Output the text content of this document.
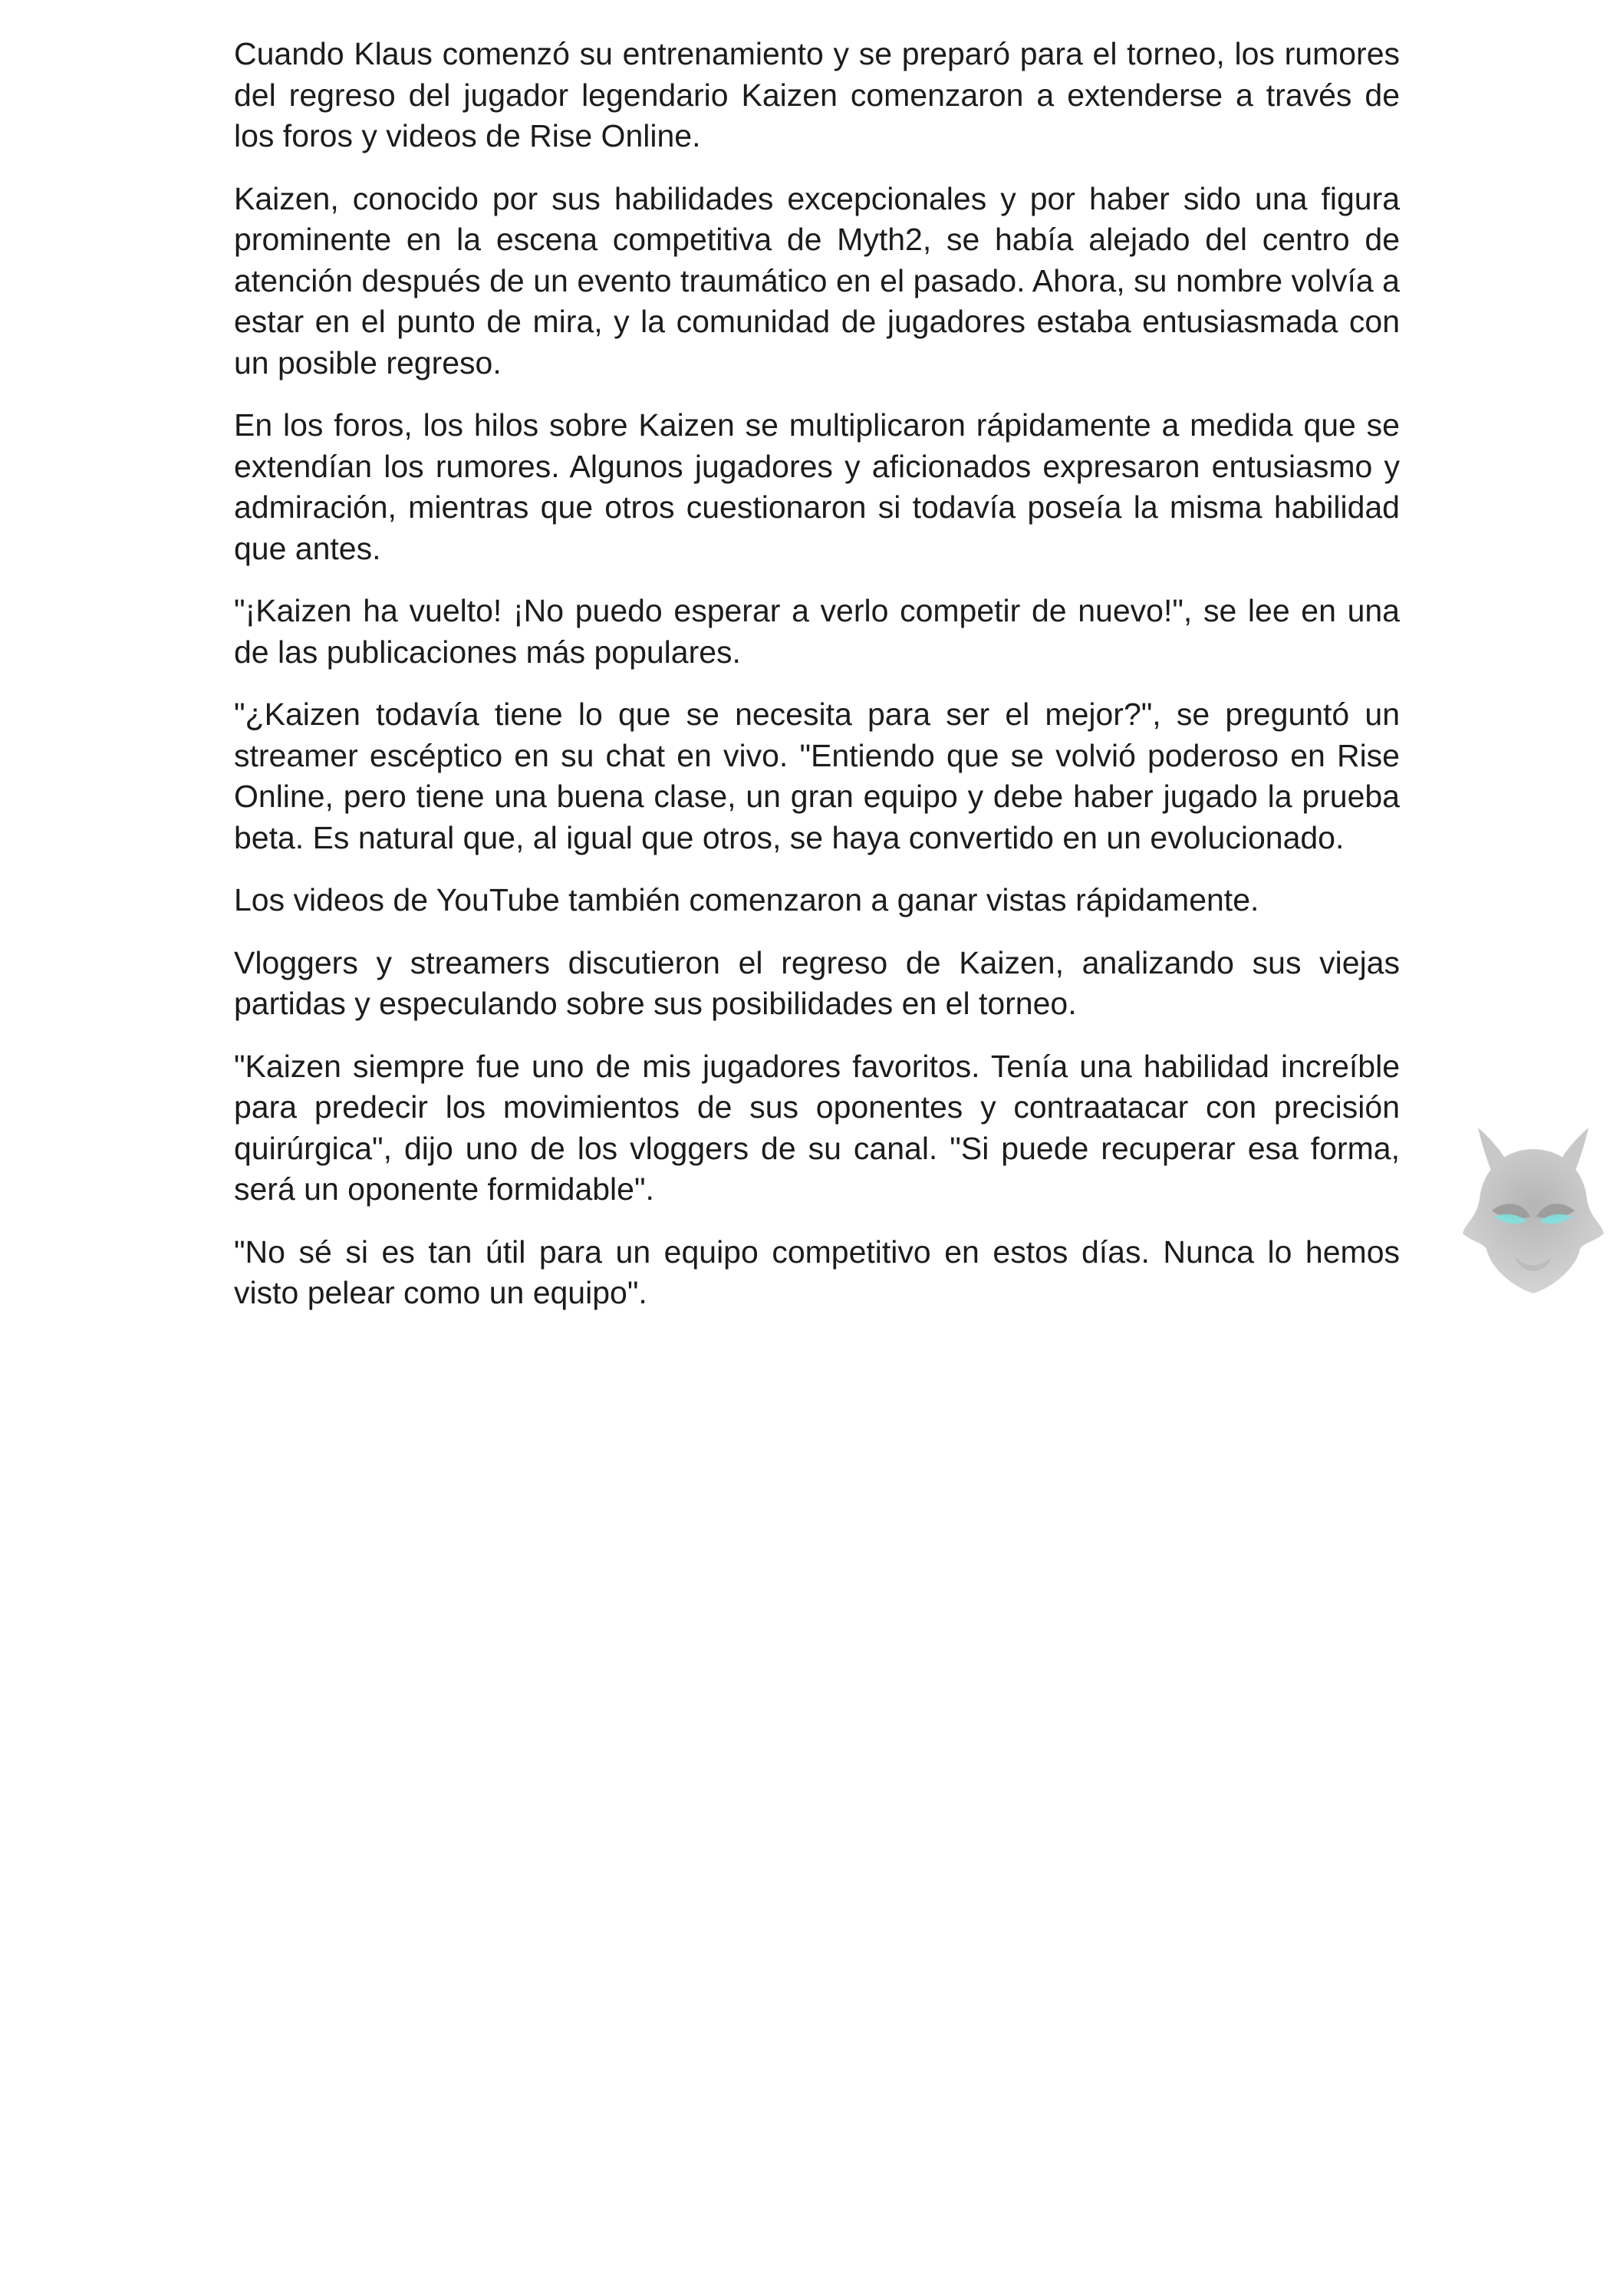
Cuando Klaus comenzó su entrenamiento y se preparó para el torneo, los rumores del regreso del jugador legendario Kaizen comenzaron a extenderse a través de los foros y videos de Rise Online.

Kaizen, conocido por sus habilidades excepcionales y por haber sido una figura prominente en la escena competitiva de Myth2, se había alejado del centro de atención después de un evento traumático en el pasado. Ahora, su nombre volvía a estar en el punto de mira, y la comunidad de jugadores estaba entusiasmada con un posible regreso.

En los foros, los hilos sobre Kaizen se multiplicaron rápidamente a medida que se extendían los rumores. Algunos jugadores y aficionados expresaron entusiasmo y admiración, mientras que otros cuestionaron si todavía poseía la misma habilidad que antes.

"¡Kaizen ha vuelto! ¡No puedo esperar a verlo competir de nuevo!", se lee en una de las publicaciones más populares.

"¿Kaizen todavía tiene lo que se necesita para ser el mejor?", se preguntó un streamer escéptico en su chat en vivo. "Entiendo que se volvió poderoso en Rise Online, pero tiene una buena clase, un gran equipo y debe haber jugado la prueba beta. Es natural que, al igual que otros, se haya convertido en un evolucionado.

Los videos de YouTube también comenzaron a ganar vistas rápidamente.

Vloggers y streamers discutieron el regreso de Kaizen, analizando sus viejas partidas y especulando sobre sus posibilidades en el torneo.

"Kaizen siempre fue uno de mis jugadores favoritos. Tenía una habilidad increíble para predecir los movimientos de sus oponentes y contraatacar con precisión quirúrgica", dijo uno de los vloggers de su canal. "Si puede recuperar esa forma, será un oponente formidable".

"No sé si es tan útil para un equipo competitivo en estos días. Nunca lo hemos visto pelear como un equipo".
